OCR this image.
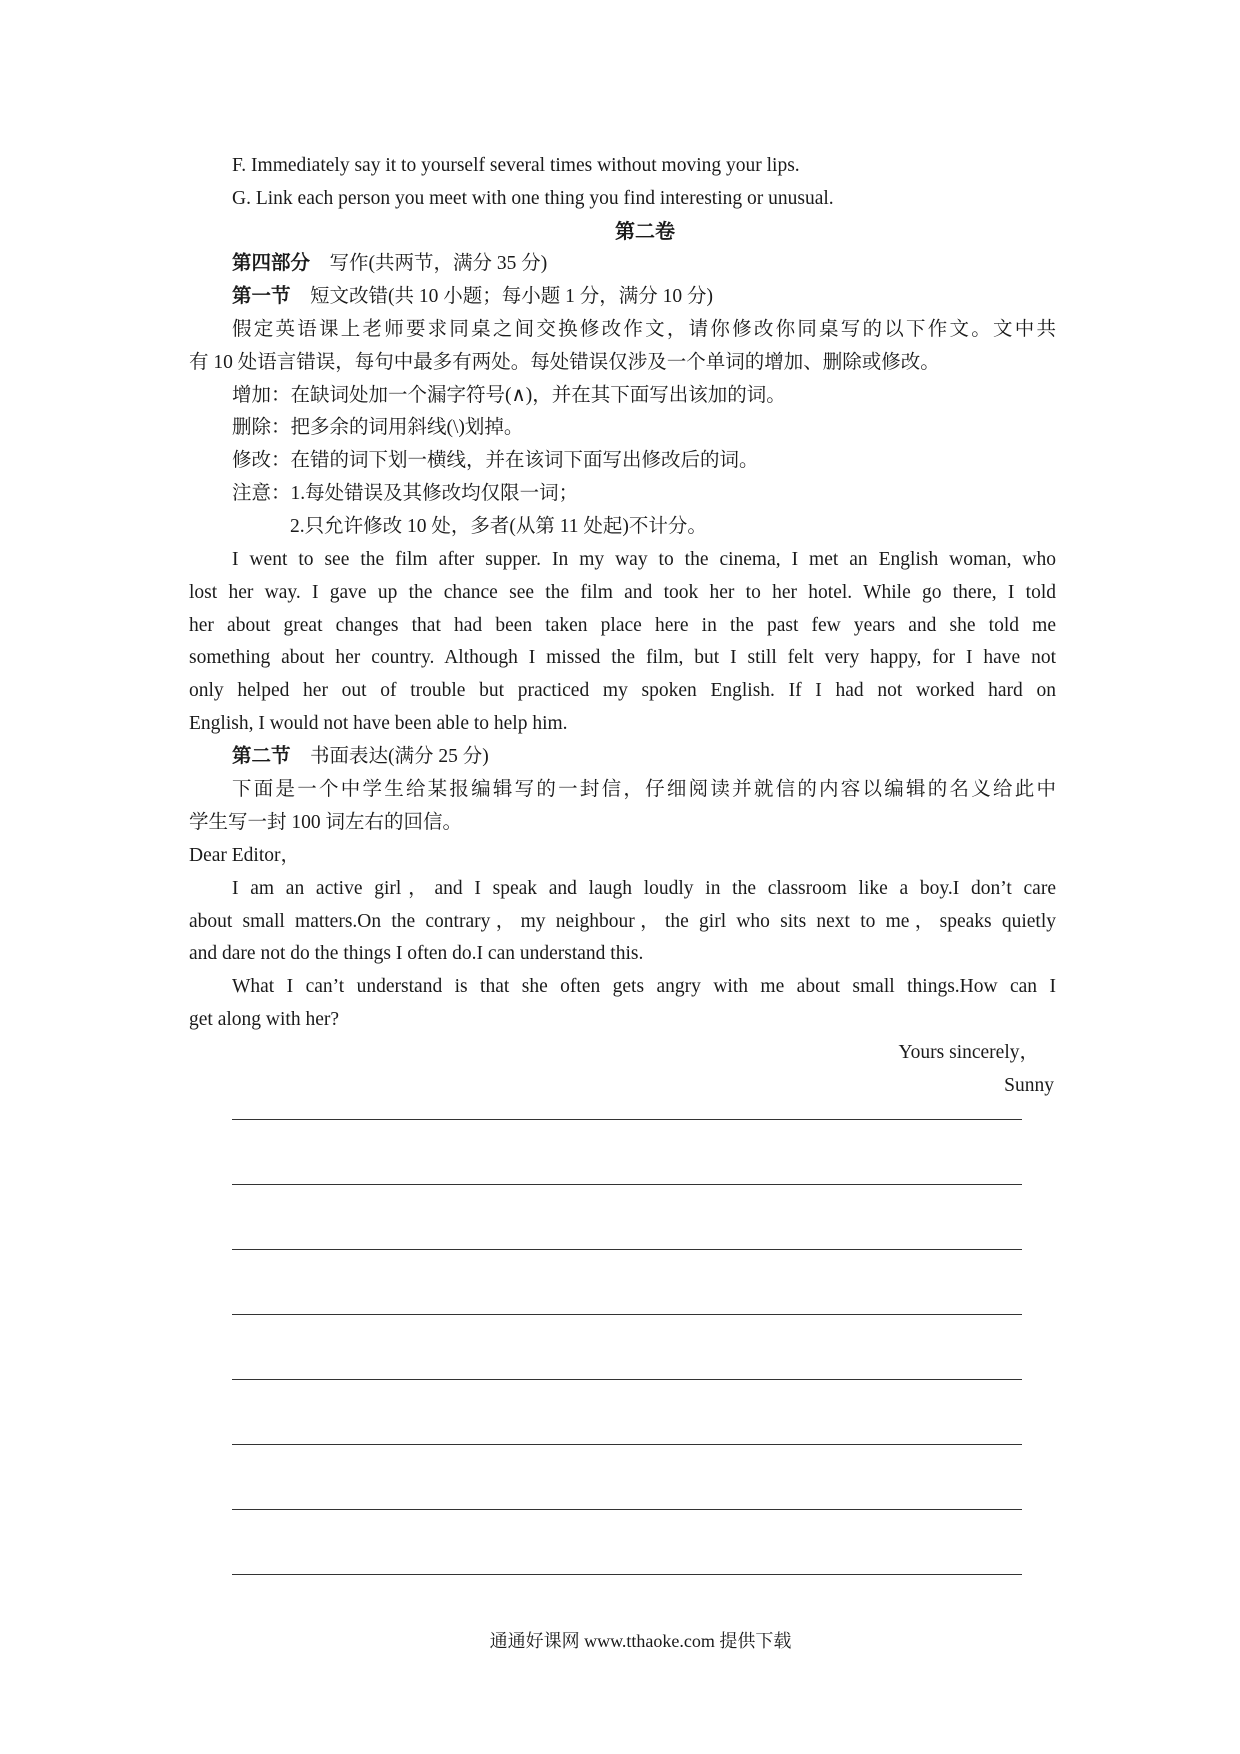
F. Immediately say it to yourself several times without moving your lips.
G. Link each person you meet with one thing you find interesting or unusual.
第二卷
第四部分 写作(共两节，满分 35 分)
第一节 短文改错(共 10 小题；每小题 1 分，满分 10 分)
假定英语课上老师要求同桌之间交换修改作文，请你修改你同桌写的以下作文。文中共
有 10 处语言错误，每句中最多有两处。每处错误仅涉及一个单词的增加、删除或修改。
增加：在缺词处加一个漏字符号(∧)，并在其下面写出该加的词。
删除：把多余的词用斜线(\)划掉。
修改：在错的词下划一横线，并在该词下面写出修改后的词。
注意：1.每处错误及其修改均仅限一词；
2.只允许修改 10 处，多者(从第 11 处起)不计分。
I went to see the film after supper. In my way to the cinema, I met an English woman, who
lost her way. I gave up the chance see the film and took her to her hotel. While go there, I told
her about great changes that had been taken place here in the past few years and she told me
something about her country. Although I missed the film, but I still felt very happy, for I have not
only helped her out of trouble but practiced my spoken English. If I had not worked hard on
English, I would not have been able to help him.
第二节 书面表达(满分 25 分)
下面是一个中学生给某报编辑写的一封信，仔细阅读并就信的内容以编辑的名义给此中
学生写一封 100 词左右的回信。
Dear Editor，
I am an active girl，and I speak and laugh loudly in the classroom like a boy.I don’t care
about small matters.On the contrary，my neighbour，the girl who sits next to me，speaks quietly
and dare not do the things I often do.I can understand this.
What I can’t understand is that she often gets angry with me about small things.How can I
get along with her?
Yours sincerely，
Sunny
通通好课网 www.tthaoke.com 提供下载
